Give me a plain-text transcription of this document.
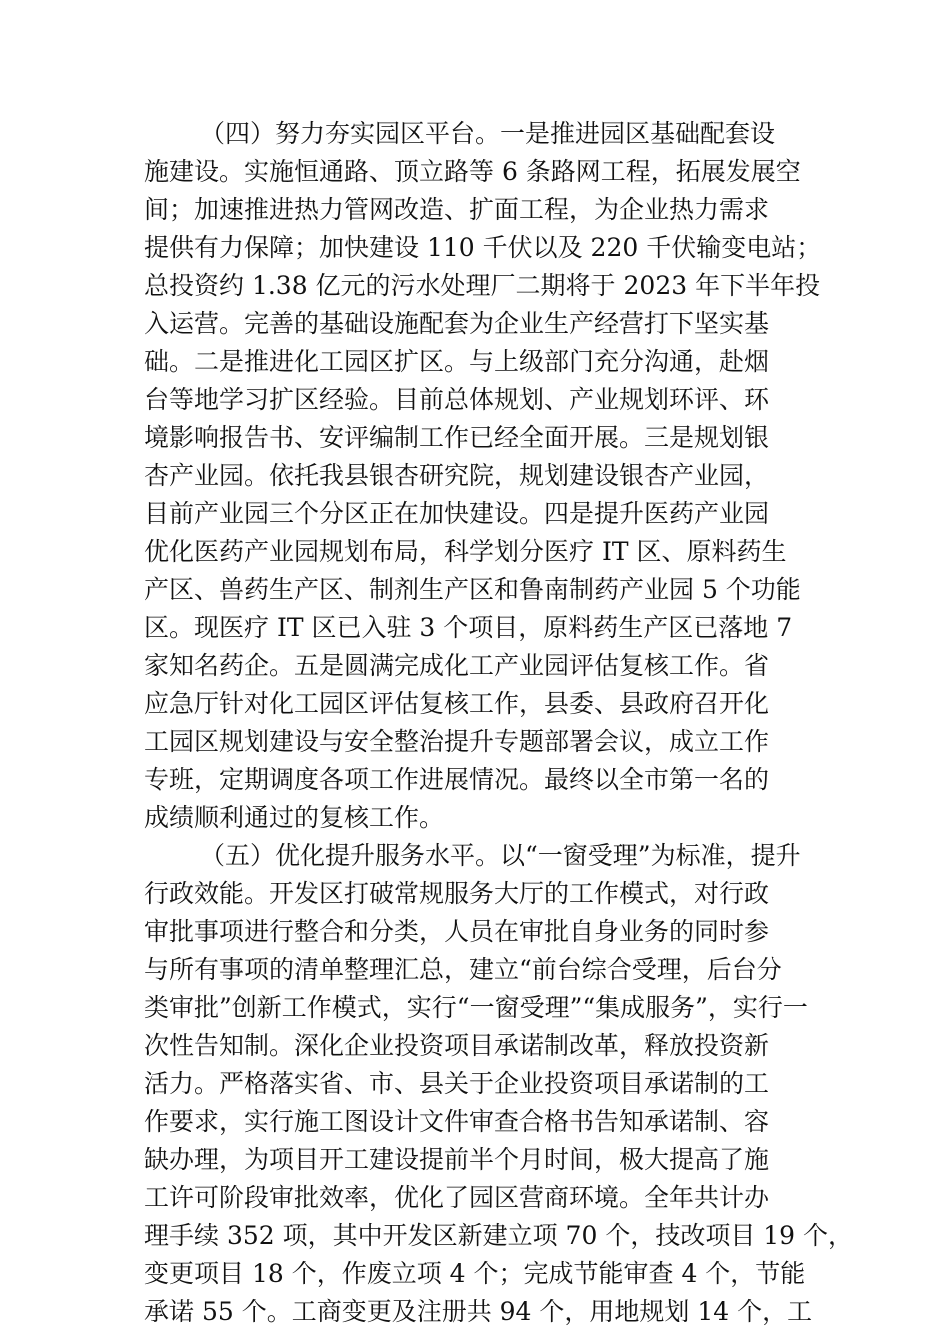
（四）努力夯实园区平台。一是推进园区基础配套设
施建设。实施恒通路、顶立路等 6 条路网工程，拓展发展空
间；加速推进热力管网改造、扩面工程，为企业热力需求
提供有力保障；加快建设 110 千伏以及 220 千伏输变电站；
总投资约 1.38 亿元的污水处理厂二期将于 2023 年下半年投
入运营。完善的基础设施配套为企业生产经营打下坚实基
础。二是推进化工园区扩区。与上级部门充分沟通，赴烟
台等地学习扩区经验。目前总体规划、产业规划环评、环
境影响报告书、安评编制工作已经全面开展。三是规划银
杏产业园。依托我县银杏研究院，规划建设银杏产业园，
目前产业园三个分区正在加快建设。四是提升医药产业园
优化医药产业园规划布局，科学划分医疗 IT 区、原料药生
产区、兽药生产区、制剂生产区和鲁南制药产业园 5 个功能
区。现医疗 IT 区已入驻 3 个项目，原料药生产区已落地 7
家知名药企。五是圆满完成化工产业园评估复核工作。省
应急厅针对化工园区评估复核工作，县委、县政府召开化
工园区规划建设与安全整治提升专题部署会议，成立工作
专班，定期调度各项工作进展情况。最终以全市第一名的
成绩顺利通过的复核工作。
（五）优化提升服务水平。以“一窗受理”为标准，提升
行政效能。开发区打破常规服务大厅的工作模式，对行政
审批事项进行整合和分类，人员在审批自身业务的同时参
与所有事项的清单整理汇总，建立“前台综合受理，后台分
类审批”创新工作模式，实行“一窗受理”“集成服务”，实行一
次性告知制。深化企业投资项目承诺制改革，释放投资新
活力。严格落实省、市、县关于企业投资项目承诺制的工
作要求，实行施工图设计文件审查合格书告知承诺制、容
缺办理，为项目开工建设提前半个月时间，极大提高了施
工许可阶段审批效率，优化了园区营商环境。全年共计办
理手续 352 项，其中开发区新建立项 70 个，技改项目 19 个，
变更项目 18 个，作废立项 4 个；完成节能审查 4 个，节能
承诺 55 个。工商变更及注册共 94 个，用地规划 14 个，工
